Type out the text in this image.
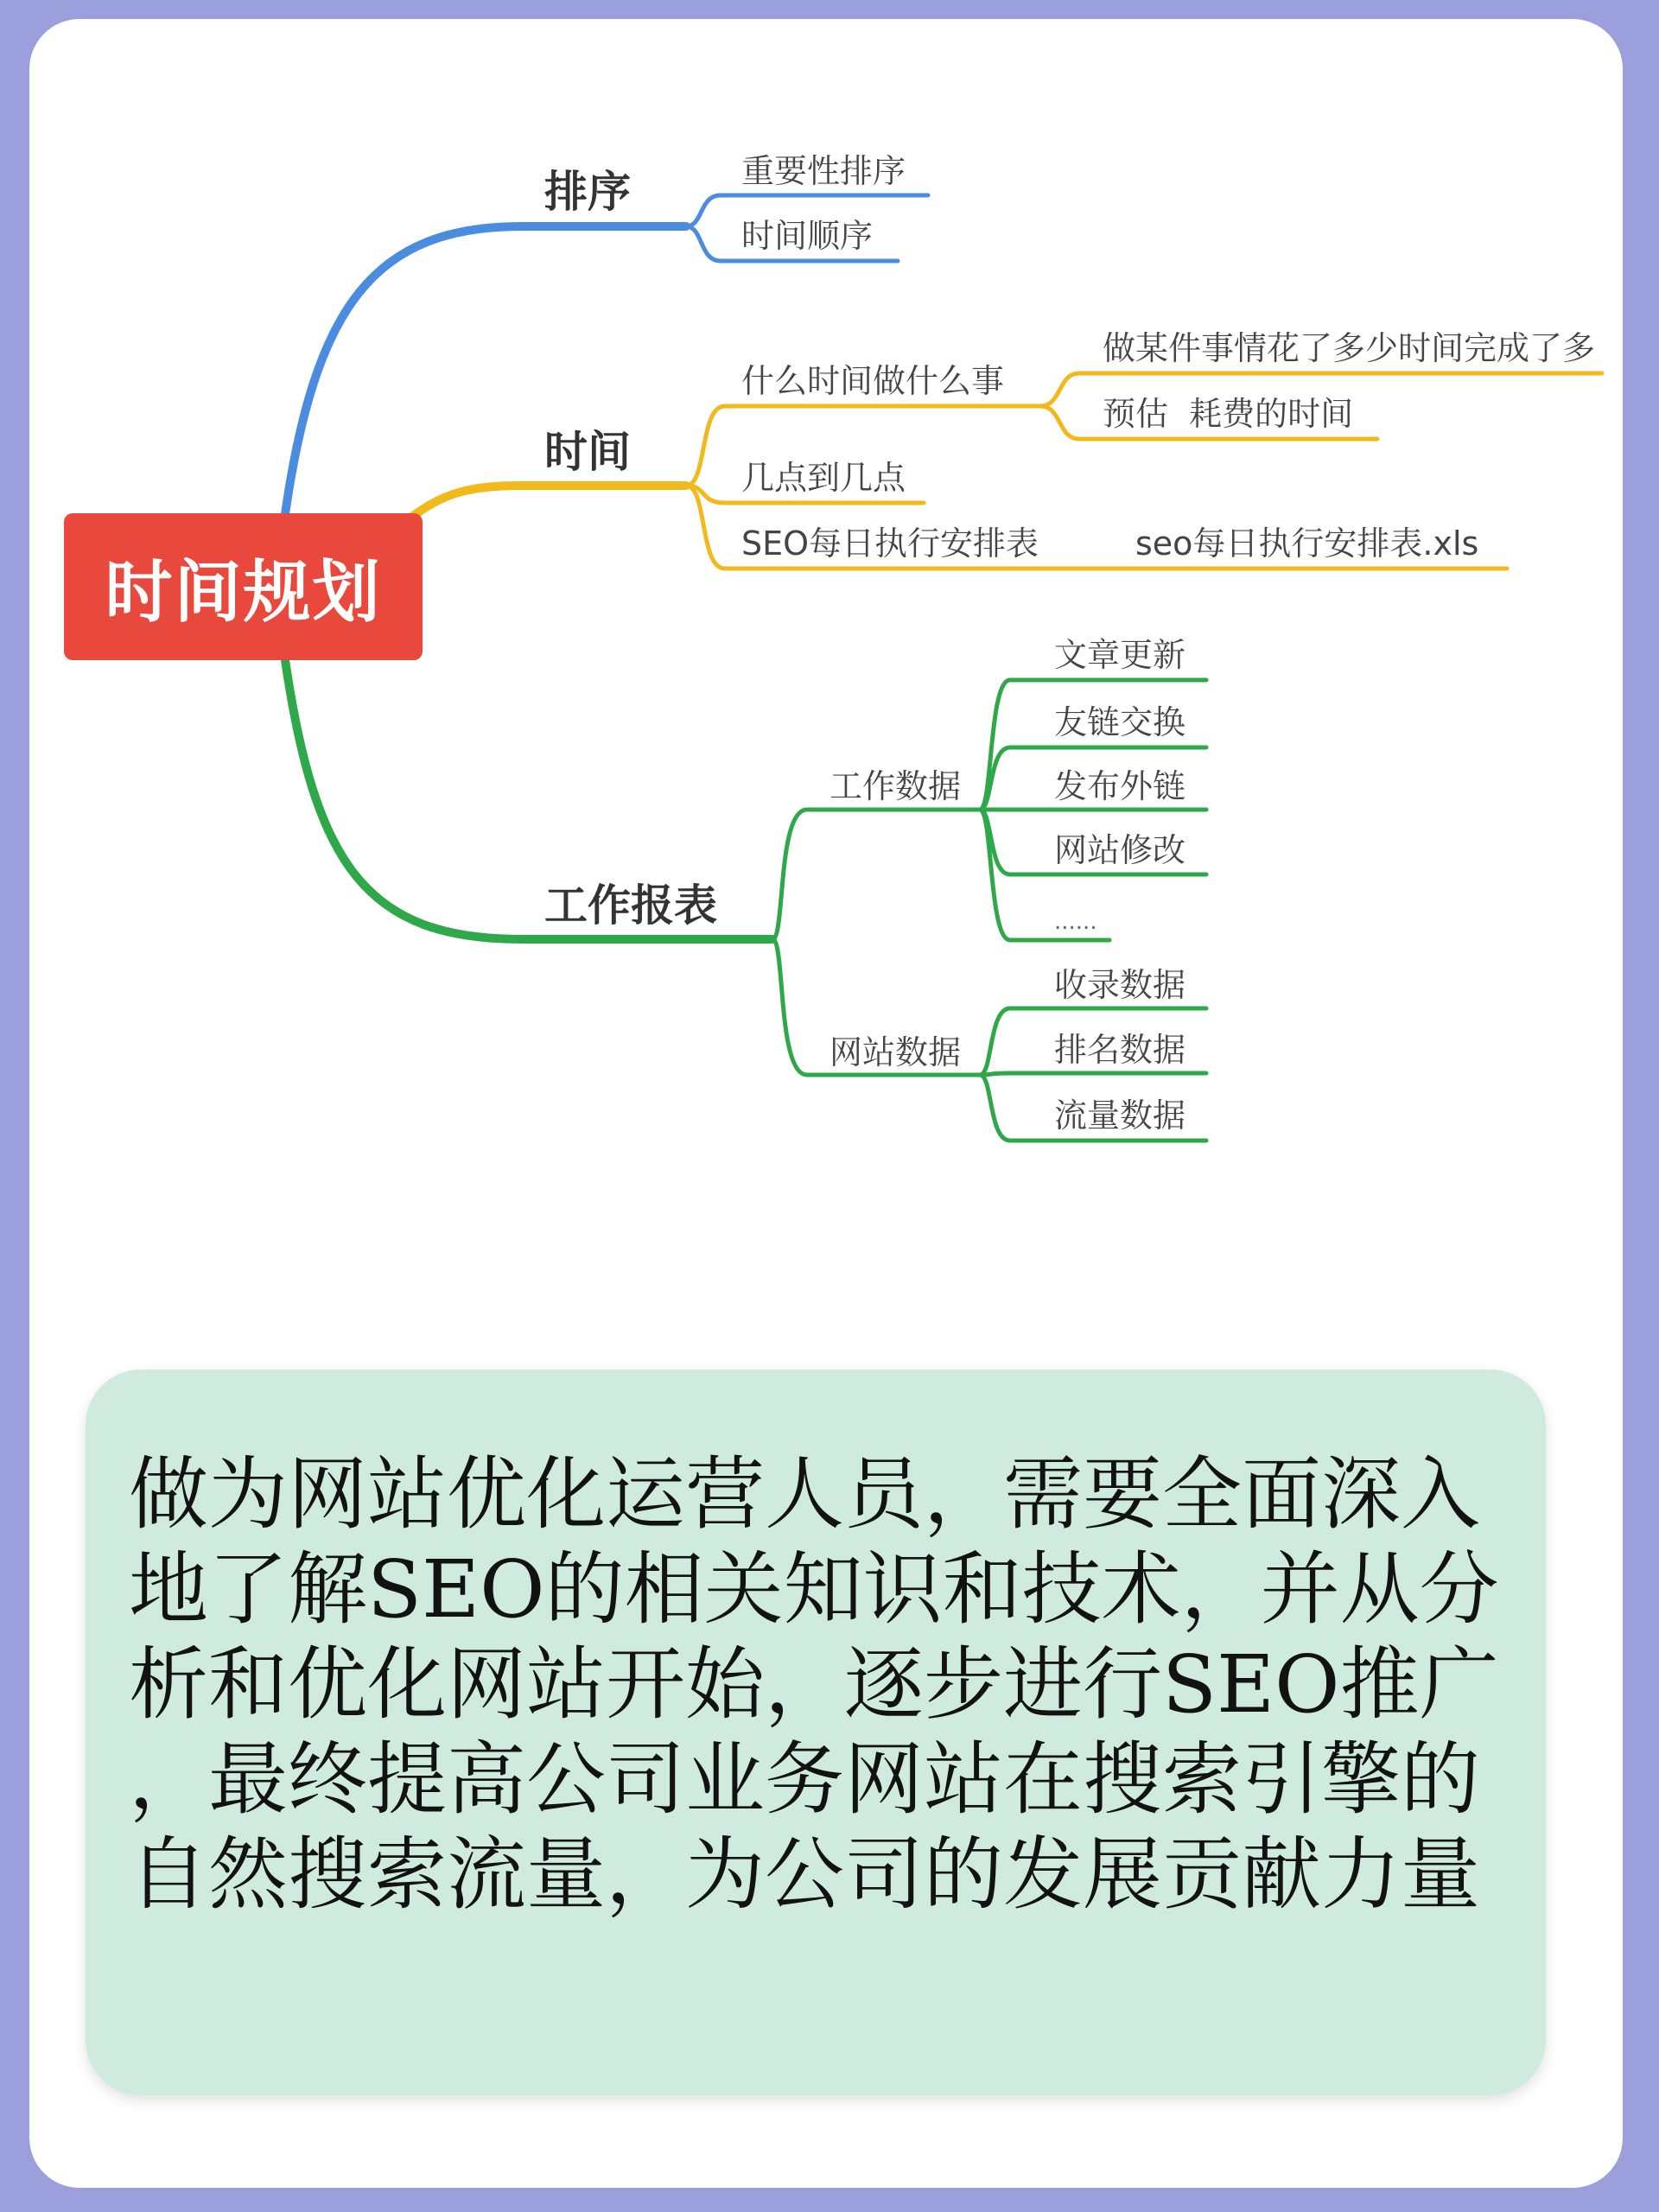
时间规划
排序
时间
工作报表
重要性排序
时间顺序
什么时间做什么事
几点到几点
SEO每日执行安排表
做某件事情花了多少时间完成了多
预估  耗费的时间
seo每日执行安排表.xls
工作数据
网站数据
文章更新
友链交换
发布外链
网站修改
......
收录数据
排名数据
流量数据
做为网站优化运营人员，需要全面深入
地了解SEO的相关知识和技术，并从分
析和优化网站开始，逐步进行SEO推广
，最终提高公司业务网站在搜索引擎的
自然搜索流量，为公司的发展贡献力量
